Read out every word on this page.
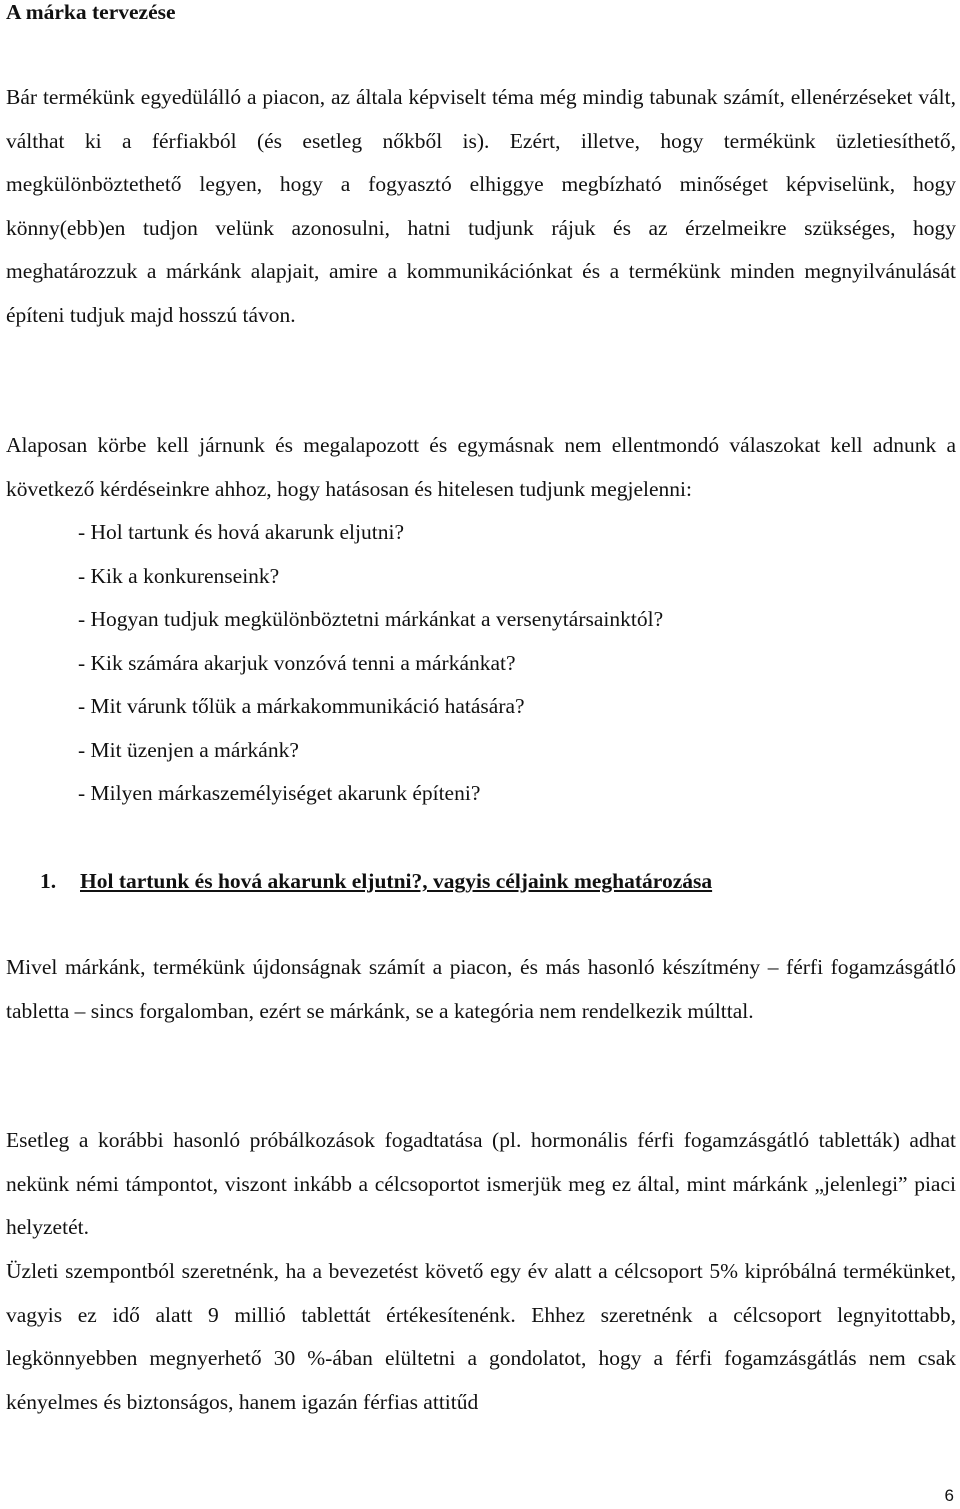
A márka tervezése

Bár termékünk egyedülálló a piacon, az általa képviselt téma még mindig tabunak számít, ellenérzéseket vált, válthat ki a férfiakból (és esetleg nőkből is). Ezért, illetve, hogy termékünk üzletiesíthető, megkülönböztethető legyen, hogy a fogyasztó elhiggye megbízható minőséget képviselünk, hogy könny(ebb)en tudjon velünk azonosulni, hatni tudjunk rájuk és az érzelmeikre szükséges, hogy meghatározzuk a márkánk alapjait, amire a kommunikációnkat és a termékünk minden megnyilvánulását építeni tudjuk majd hosszú távon.

Alaposan körbe kell járnunk és megalapozott és egymásnak nem ellentmondó válaszokat kell adnunk a következő kérdéseinkre ahhoz, hogy hatásosan és hitelesen tudjunk megjelenni:

- Hol tartunk és hová akarunk eljutni?
- Kik a konkurenseink?
- Hogyan tudjuk megkülönböztetni márkánkat a versenytársainktól?
- Kik számára akarjuk vonzóvá tenni a márkánkat?
- Mit várunk tőlük a márkakommunikáció hatására?
- Mit üzenjen a márkánk?
- Milyen márkaszemélyiséget akarunk építeni?
1. Hol tartunk és hová akarunk eljutni?, vagyis céljaink meghatározása

Mivel márkánk, termékünk újdonságnak számít a piacon, és más hasonló készítmény – férfi fogamzásgátló tabletta – sincs forgalomban, ezért se márkánk, se a kategória nem rendelkezik múlttal.

Esetleg a korábbi hasonló próbálkozások fogadtatása (pl. hormonális férfi fogamzásgátló tabletták) adhat nekünk némi támpontot, viszont inkább a célcsoportot ismerjük meg ez által, mint márkánk „jelenlegi” piaci helyzetét.

Üzleti szempontból szeretnénk, ha a bevezetést követő egy év alatt a célcsoport 5% kipróbálná termékünket, vagyis ez idő alatt 9 millió tablettát értékesítenénk. Ehhez szeretnénk a célcsoport legnyitottabb, legkönnyebben megnyerhető 30 %-ában elültetni a gondolatot, hogy a férfi fogamzásgátlás nem csak kényelmes és biztonságos, hanem igazán férfias attitűd

6
